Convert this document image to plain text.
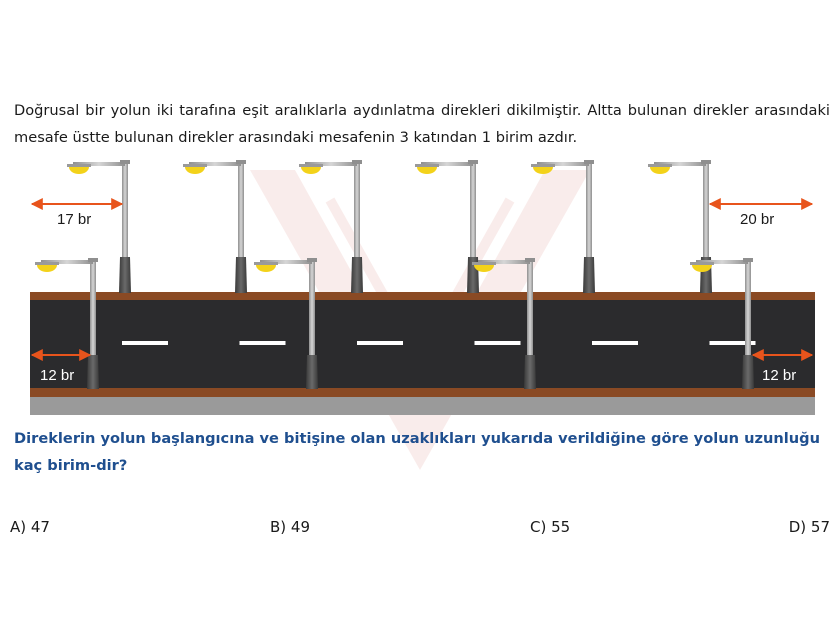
Doğrusal bir yolun iki tarafına eşit aralıklarla aydınlatma direkleri dikilmiştir. Altta bulunan direkler arasındaki mesafe üstte bulunan direkler arasındaki mesafenin 3 katından 1 birim azdır.

17 br	20 br
12 br	12 br

Direklerin yolun başlangıcına ve bitişine olan uzaklıkları yukarıda verildiğine göre yolun uzunluğu kaç birim-dir?

A) 47	B) 49	C) 55	D) 57
